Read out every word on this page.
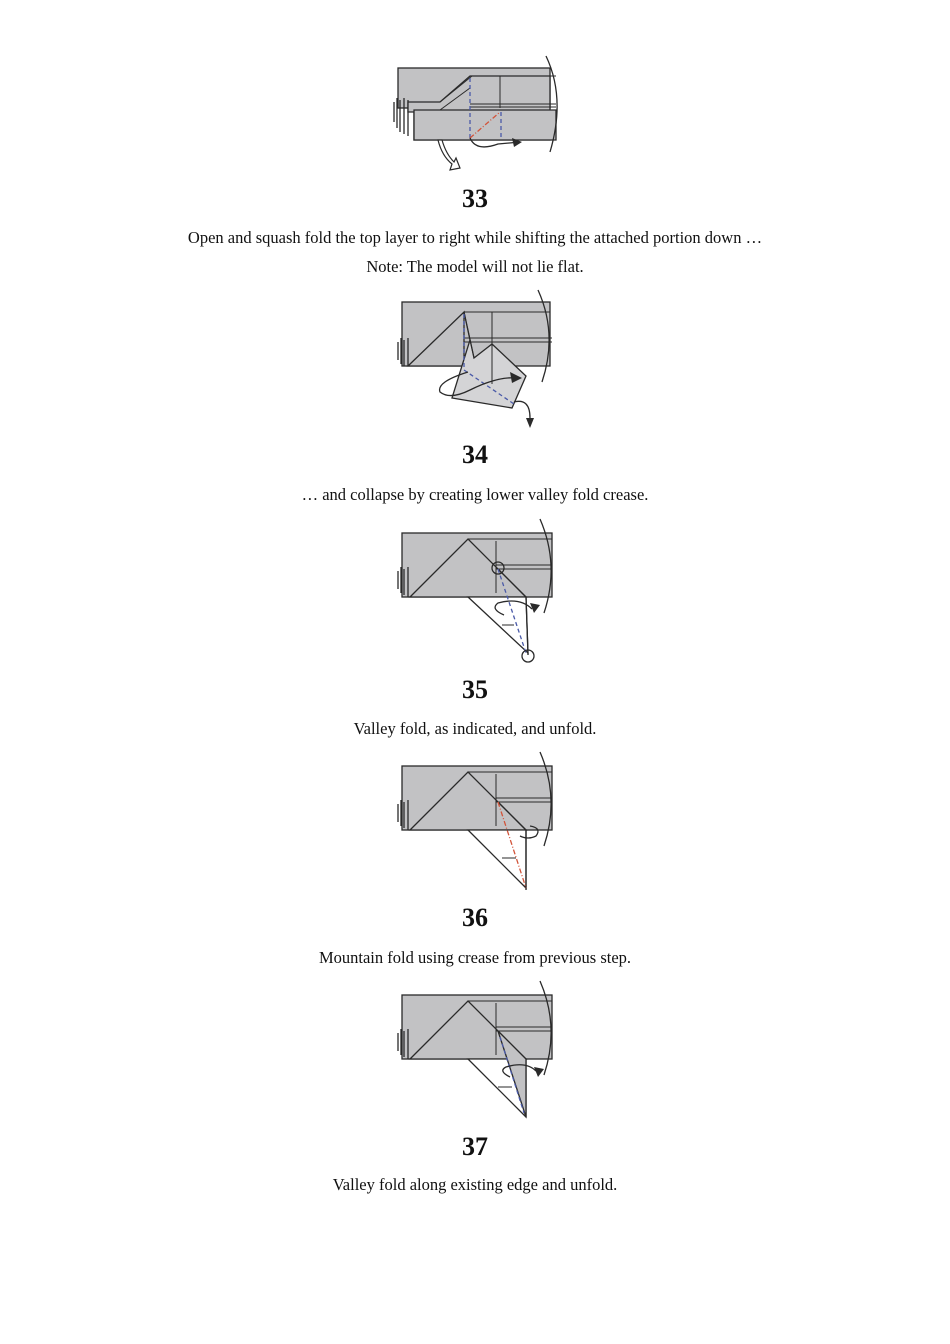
33
Open and squash fold the top layer to right while shifting the attached portion down …
Note: The model will not lie flat.
34
… and collapse by creating lower valley fold crease.
35
Valley fold, as indicated, and unfold.
36
Mountain fold using crease from previous step.
37
Valley fold along existing edge and unfold.
